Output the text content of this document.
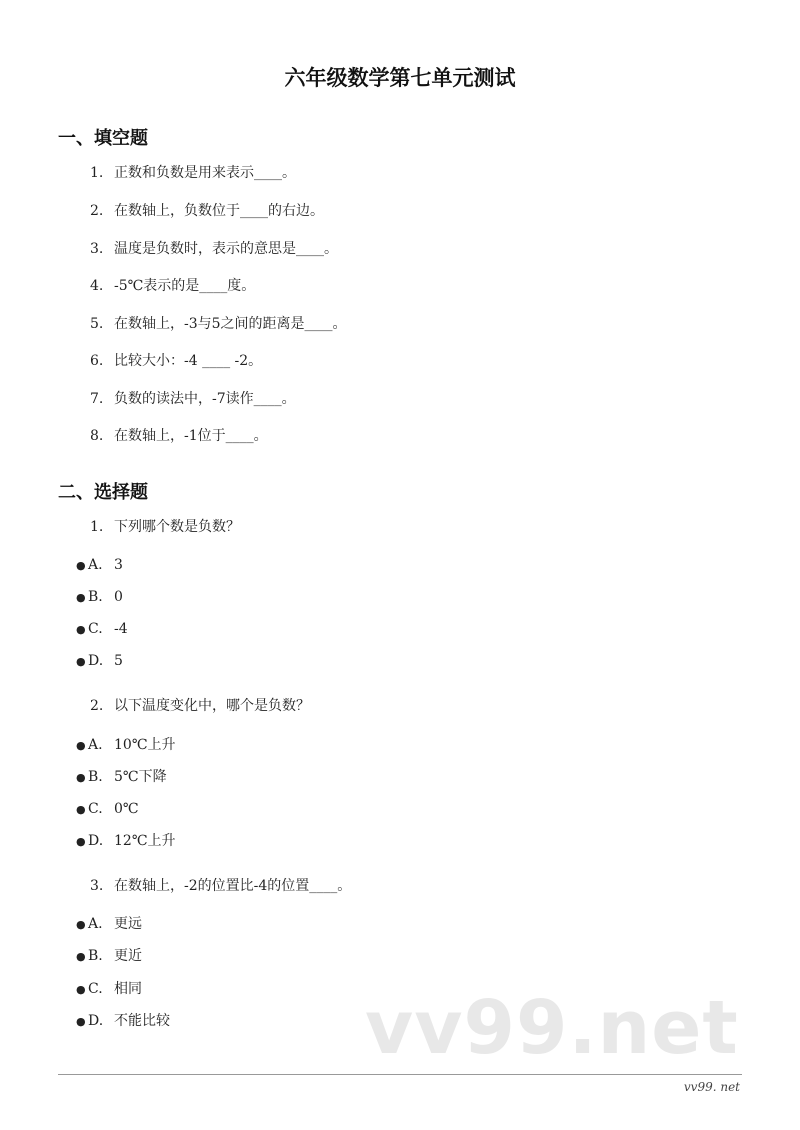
六年级数学第七单元测试
一、填空题
1. 正数和负数是用来表示____。
2. 在数轴上，负数位于____的右边。
3. 温度是负数时，表示的意思是____。
4. -5℃表示的是____度。
5. 在数轴上，-3与5之间的距离是____。
6. 比较大小：-4 ____ -2。
7. 负数的读法中，-7读作____。
8. 在数轴上，-1位于____。
二、选择题
1. 下列哪个数是负数？
● A. 3
● B. 0
● C. -4
● D. 5
2. 以下温度变化中，哪个是负数？
● A. 10℃上升
● B. 5℃下降
● C. 0℃
● D. 12℃上升
3. 在数轴上，-2的位置比-4的位置____。
● A. 更远
● B. 更近
● C. 相同
● D. 不能比较	vv99.net
vv99. net
